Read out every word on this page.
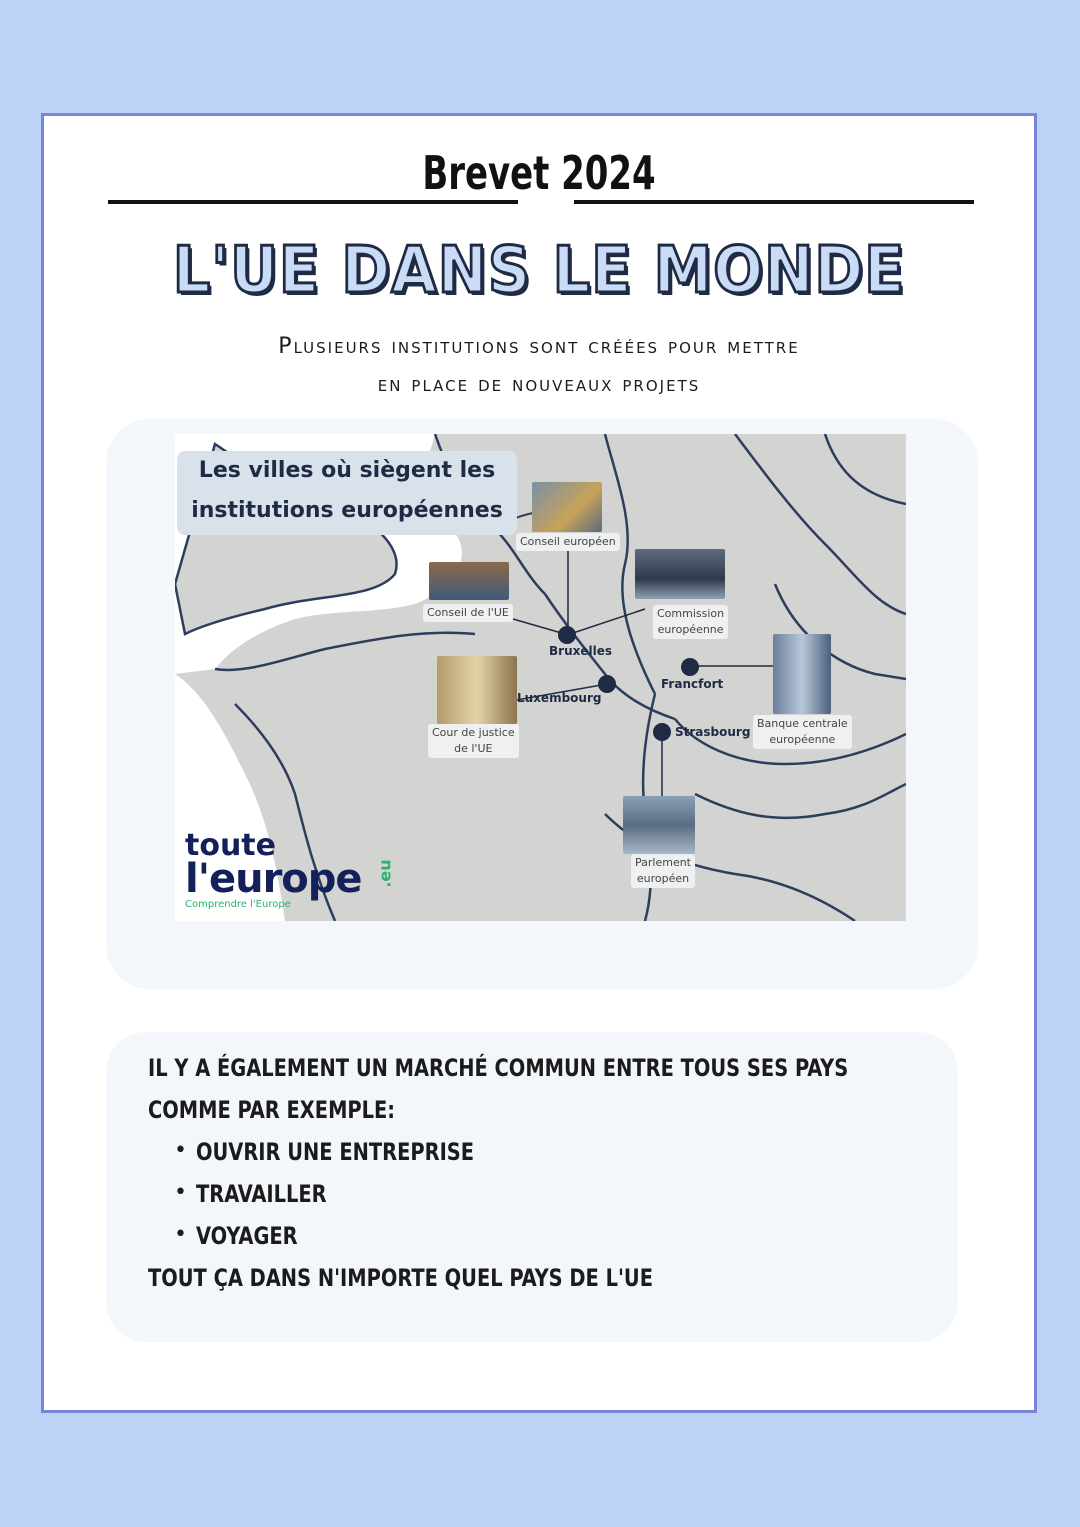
Brevet 2024
L'UE DANS LE MONDE
Plusieurs institutions sont créées pour mettre
en place de nouveaux projets
Les villes où siègent les
institutions européennes
Conseil européen
Conseil de l'UE	Commission
européenne
Cour de justice
de l'UE
Banque centrale
européenne
Parlement
européen
Bruxelles
Luxembourg
Francfort
Strasbourg
toute
l'europe
Comprendre l'Europe
.eu
IL Y A ÉGALEMENT UN MARCHÉ COMMUN ENTRE TOUS SES PAYS
COMME PAR EXEMPLE:
• OUVRIR UNE ENTREPRISE
• TRAVAILLER
• VOYAGER
TOUT ÇA DANS N'IMPORTE QUEL PAYS DE L'UE
